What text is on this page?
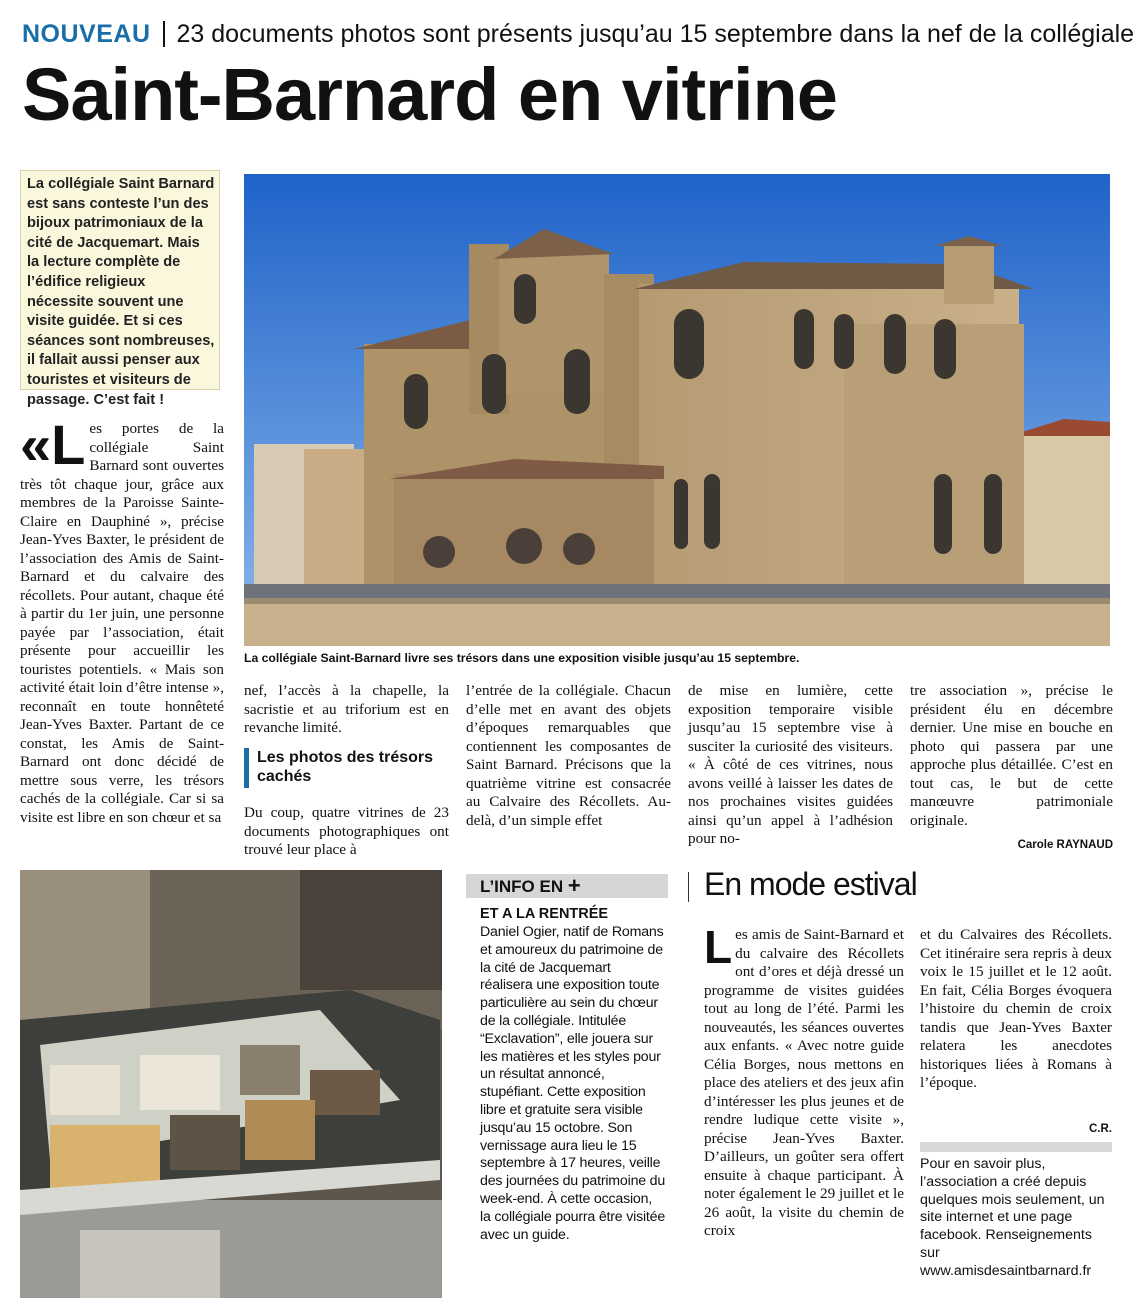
NOUVEAU 23 documents photos sont présents jusqu’au 15 septembre dans la nef de la collégiale
Saint-Barnard en vitrine
La collégiale Saint Barnard est sans conteste l’un des bijoux patrimoniaux de la cité de Jacquemart. Mais la lecture complète de l’édifice religieux nécessite souvent une visite guidée. Et si ces séances sont nombreuses, il fallait aussi penser aux touristes et visiteurs de passage. C’est fait !
«L es portes de la collégiale Saint Barnard sont ouvertes très tôt chaque jour, grâce aux membres de la Paroisse Sainte-Claire en Dauphiné », précise Jean-Yves Baxter, le président de l’association des Amis de Saint-Barnard et du calvaire des récollets. Pour autant, chaque été à partir du 1er juin, une personne payée par l’association, était présente pour accueillir les touristes potentiels. « Mais son activité était loin d’être intense », reconnaît en toute honnêteté Jean-Yves Baxter. Partant de ce constat, les Amis de Saint-Barnard ont donc décidé de mettre sous verre, les trésors cachés de la collégiale. Car si sa visite est libre en son chœur et sa
La collégiale Saint-Barnard livre ses trésors dans une exposition visible jusqu’au 15 septembre.
nef, l’accès à la chapelle, la sacristie et au triforium est en revanche limité.
Les photos des trésors cachés
Du coup, quatre vitrines de 23 documents photographiques ont trouvé leur place à
l’entrée de la collégiale. Chacun d’elle met en avant des objets d’époques remarquables que contiennent les composantes de Saint Barnard. Précisons que la quatrième vitrine est consacrée au Calvaire des Récollets. Au-delà, d’un simple effet
de mise en lumière, cette exposition temporaire visible jusqu’au 15 septembre vise à susciter la curiosité des visiteurs. « À côté de ces vitrines, nous avons veillé à laisser les dates de nos prochaines visites guidées ainsi qu’un appel à l’adhésion pour no-
tre association », précise le président élu en décembre dernier. Une mise en bouche en photo qui passera par une approche plus détaillée. C’est en tout cas, le but de cette manœuvre patrimoniale originale.
Carole RAYNAUD
L’INFO EN +
ET A LA RENTRÉE
Daniel Ogier, natif de Romans et amoureux du patrimoine de la cité de Jacquemart réalisera une exposition toute particulière au sein du chœur de la collégiale. Intitulée “Exclavation”, elle jouera sur les matières et les styles pour un résultat annoncé, stupéfiant. Cette exposition libre et gratuite sera visible jusqu’au 15 octobre. Son vernissage aura lieu le 15 septembre à 17 heures, veille des journées du patrimoine du week-end. À cette occasion, la collégiale pourra être visitée avec un guide.
En mode estival
L es amis de Saint-Barnard et du calvaire des Récollets ont d’ores et déjà dressé un programme de visites guidées tout au long de l’été. Parmi les nouveautés, les séances ouvertes aux enfants. « Avec notre guide Célia Borges, nous mettons en place des ateliers et des jeux afin d’intéresser les plus jeunes et de rendre ludique cette visite », précise Jean-Yves Baxter. D’ailleurs, un goûter sera offert ensuite à chaque participant. À noter également le 29 juillet et le 26 août, la visite du chemin de croix
et du Calvaires des Récollets. Cet itinéraire sera repris à deux voix le 15 juillet et le 12 août. En fait, Célia Borges évoquera l’histoire du chemin de croix tandis que Jean-Yves Baxter relatera les anecdotes historiques liées à Romans à l’époque.
C.R.
Pour en savoir plus, l’association a créé depuis quelques mois seulement, un site internet et une page facebook. Renseignements sur www.amisdesaintbarnard.fr
